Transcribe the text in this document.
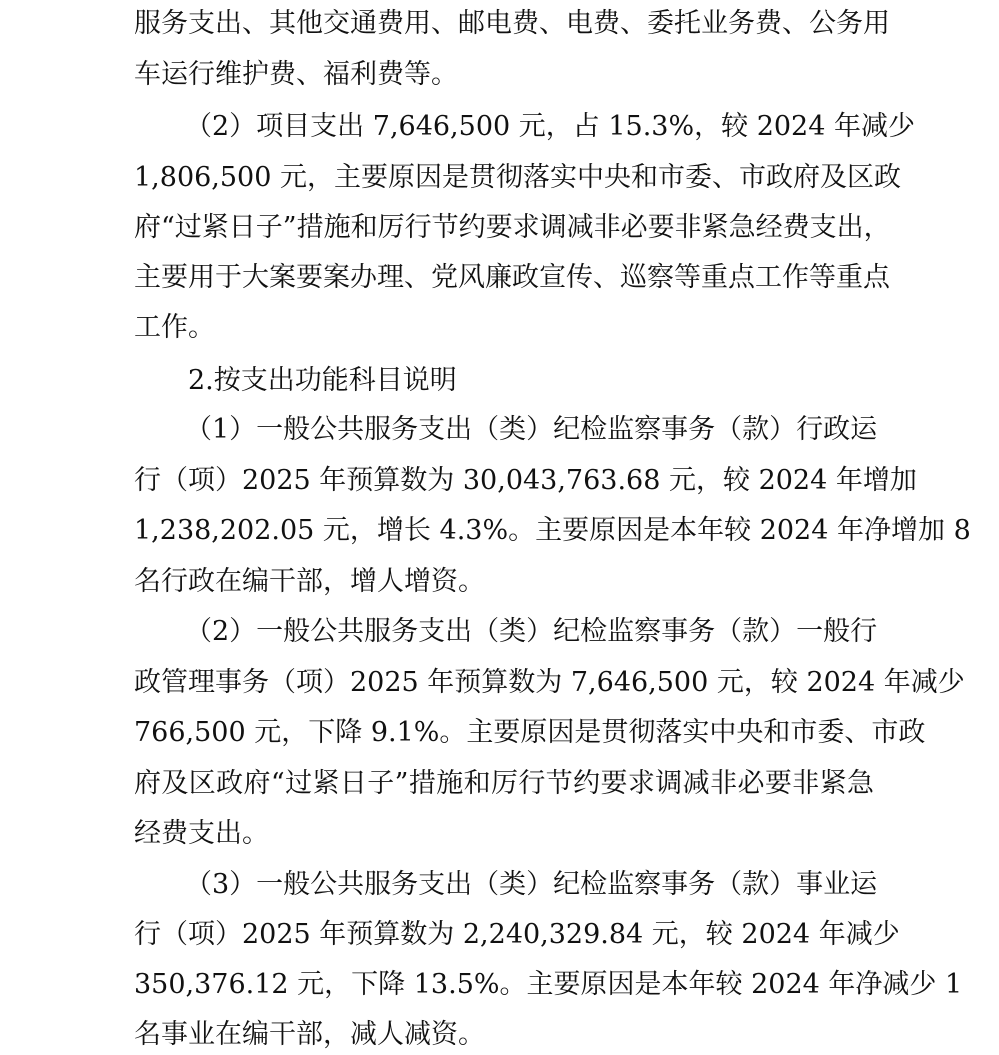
服务支出、其他交通费用、邮电费、电费、委托业务费、公务用
车运行维护费、福利费等。
（2）项目支出 7,646,500 元，占 15.3%，较 2024 年减少
1,806,500 元，主要原因是贯彻落实中央和市委、市政府及区政
府“过紧日子”措施和厉行节约要求调减非必要非紧急经费支出，
主要用于大案要案办理、党风廉政宣传、巡察等重点工作等重点
工作。
2.按支出功能科目说明
（1）一般公共服务支出（类）纪检监察事务（款）行政运
行（项）2025 年预算数为 30,043,763.68 元，较 2024 年增加
1,238,202.05 元，增长 4.3%。主要原因是本年较 2024 年净增加 8
名行政在编干部，增人增资。
（2）一般公共服务支出（类）纪检监察事务（款）一般行
政管理事务（项）2025 年预算数为 7,646,500 元，较 2024 年减少
766,500 元，下降 9.1%。主要原因是贯彻落实中央和市委、市政
府及区政府“过紧日子”措施和厉行节约要求调减非必要非紧急
经费支出。
（3）一般公共服务支出（类）纪检监察事务（款）事业运
行（项）2025 年预算数为 2,240,329.84 元，较 2024 年减少
350,376.12 元，下降 13.5%。主要原因是本年较 2024 年净减少 1
名事业在编干部，减人减资。
